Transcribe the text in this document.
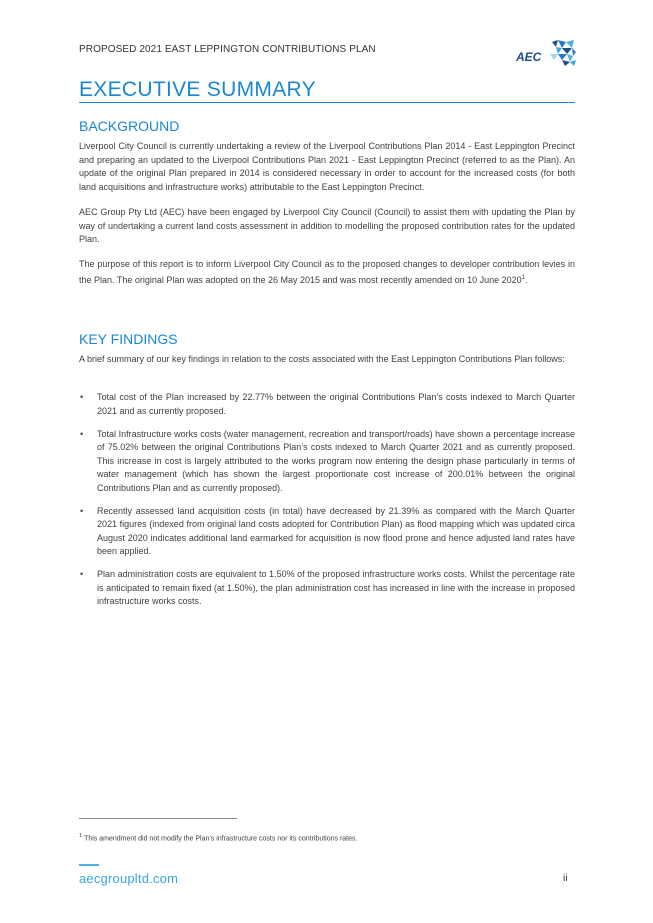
PROPOSED 2021 EAST LEPPINGTON CONTRIBUTIONS PLAN
AEC
EXECUTIVE SUMMARY
BACKGROUND

Liverpool City Council is currently undertaking a review of the Liverpool Contributions Plan 2014 - East Leppington Precinct and preparing an updated to the Liverpool Contributions Plan 2021 - East Leppington Precinct (referred to as the Plan). An update of the original Plan prepared in 2014 is considered necessary in order to account for the increased costs (for both land acquisitions and infrastructure works) attributable to the East Leppington Precinct.

AEC Group Pty Ltd (AEC) have been engaged by Liverpool City Council (Council) to assist them with updating the Plan by way of undertaking a current land costs assessment in addition to modelling the proposed contribution rates for the updated Plan.

The purpose of this report is to inform Liverpool City Council as to the proposed changes to developer contribution levies in the Plan. The original Plan was adopted on the 26 May 2015 and was most recently amended on 10 June 2020$^1$.

KEY FINDINGS

A brief summary of our key findings in relation to the costs associated with the East Leppington Contributions Plan follows:

• Total cost of the Plan increased by 22.77% between the original Contributions Plan’s costs indexed to March Quarter 2021 and as currently proposed.
• Total Infrastructure works costs (water management, recreation and transport/roads) have shown a percentage increase of 75.02% between the original Contributions Plan’s costs indexed to March Quarter 2021 and as currently proposed. This increase in cost is largely attributed to the works program now entering the design phase particularly in terms of water management (which has shown the largest proportionate cost increase of 200.01% between the original Contributions Plan and as currently proposed).
• Recently assessed land acquisition costs (in total) have decreased by 21.39% as compared with the March Quarter 2021 figures (indexed from original land costs adopted for Contribution Plan) as flood mapping which was updated circa August 2020 indicates additional land earmarked for acquisition is now flood prone and hence adjusted land rates have been applied.
• Plan administration costs are equivalent to 1.50% of the proposed infrastructure works costs. Whilst the percentage rate is anticipated to remain fixed (at 1.50%), the plan administration cost has increased in line with the increase in proposed infrastructure works costs.
$^1$ This amendment did not modify the Plan’s infrastructure costs nor its contributions rates.
aecgroupltd.com	ii
